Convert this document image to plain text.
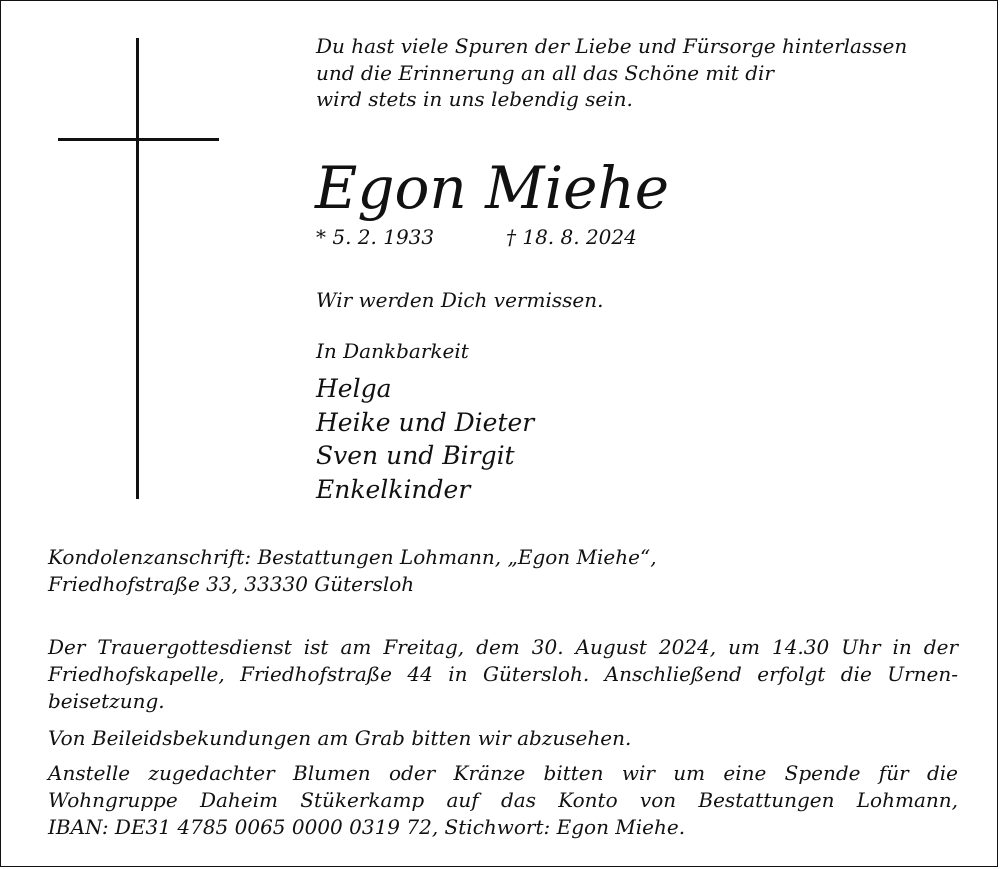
Du hast viele Spuren der Liebe und Fürsorge hinterlassen
und die Erinnerung an all das Schöne mit dir
wird stets in uns lebendig sein.
Egon Miehe
* 5. 2. 1933	† 18. 8. 2024
Wir werden Dich vermissen.
In Dankbarkeit
Helga
Heike und Dieter
Sven und Birgit
Enkelkinder
Kondolenzanschrift: Bestattungen Lohmann, „Egon Miehe“,
Friedhofstraße 33, 33330 Gütersloh
Der Trauergottesdienst ist am Freitag, dem 30. August 2024, um 14.30 Uhr in der
Friedhofskapelle, Friedhofstraße 44 in Gütersloh. Anschließend erfolgt die Urnen-
beisetzung.
Von Beileidsbekundungen am Grab bitten wir abzusehen.
Anstelle zugedachter Blumen oder Kränze bitten wir um eine Spende für die
Wohngruppe Daheim Stükerkamp auf das Konto von Bestattungen Lohmann,
IBAN: DE31 4785 0065 0000 0319 72, Stichwort: Egon Miehe.
